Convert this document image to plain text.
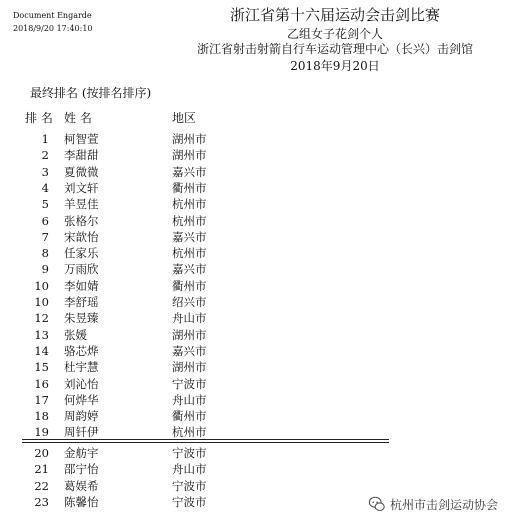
Document Engarde
2018/9/20 17:40:10
浙江省第十六届运动会击剑比赛
乙组女子花剑个人
浙江省射击射箭自行车运动管理中心（长兴）击剑馆
2018年9月20日
最终排名 (按排名排序)
排 名 姓 名	地区
1 柯智萱	湖州市
2 李甜甜	湖州市
3 夏微微	嘉兴市
4 刘文轩	衢州市
5 羊昱佳	杭州市
6 张格尔	杭州市
7 宋歆怡	嘉兴市
8 任家乐	杭州市
9 万雨欣	嘉兴市
10 李如婧	衢州市
10 李舒瑶	绍兴市
12 朱昱臻	舟山市
13 张媛	湖州市
14 骆芯烨	嘉兴市
15 杜宇慧	湖州市
16 刘沁怡	宁波市
17 何烨华	舟山市
18 周韵婷	衢州市
19 周钎伊	杭州市
20 金舫宇	宁波市
21 邵宁怡	舟山市
22 葛娱希	宁波市
23 陈馨怡	宁波市	杭州市击剑运动协会
